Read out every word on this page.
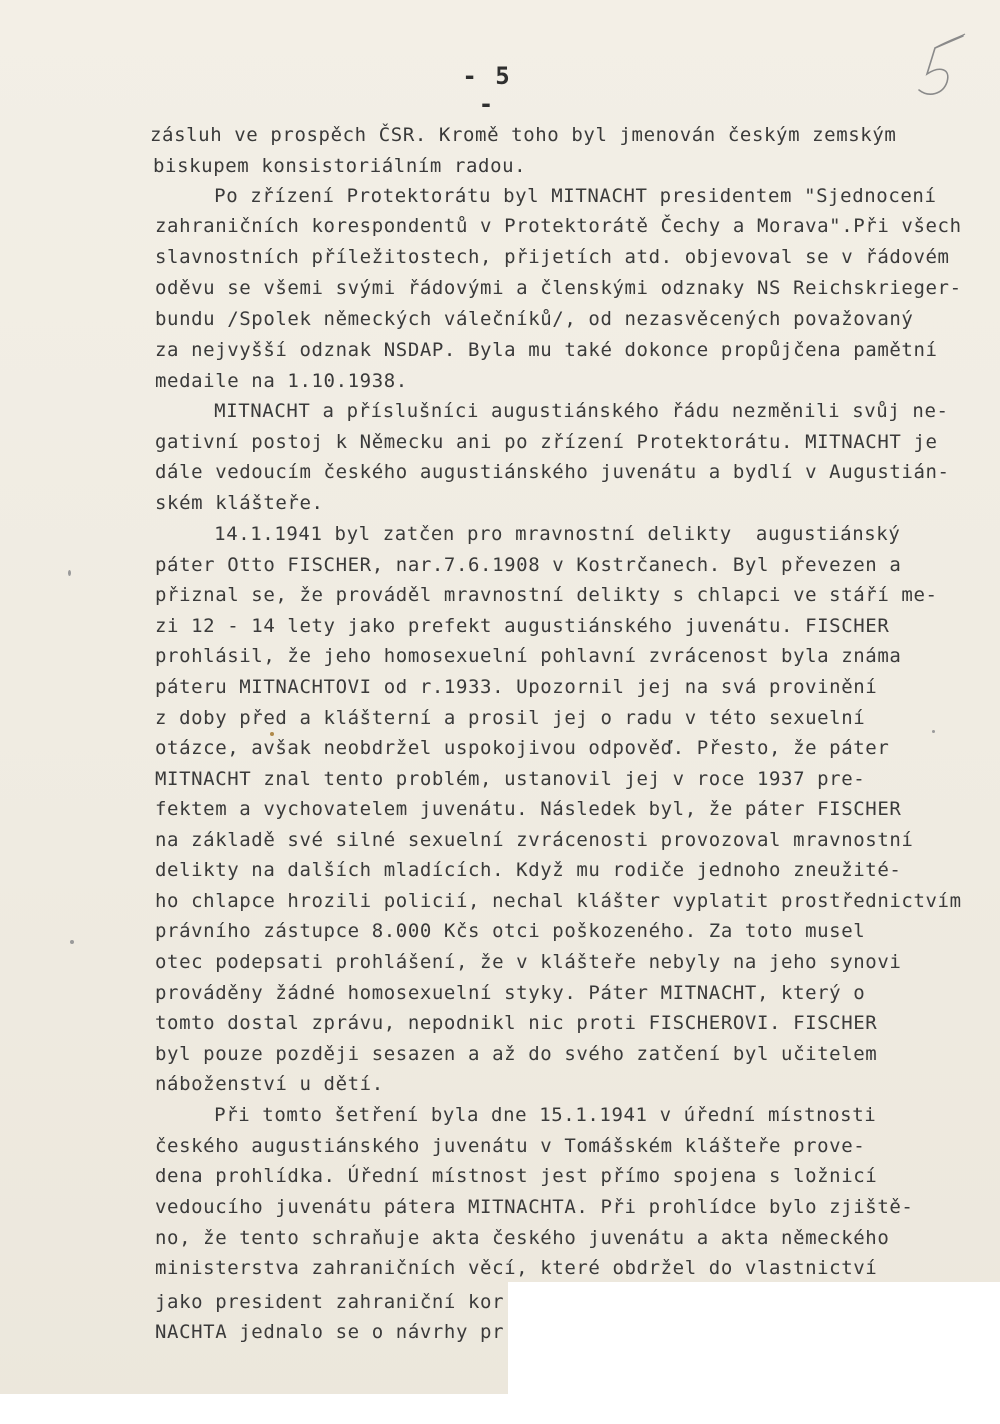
- 5 -
zásluh ve prospěch ČSR. Kromě toho byl jmenován českým zemským
biskupem konsistoriálním radou.
Po zřízení Protektorátu byl MITNACHT presidentem "Sjednocení
zahraničních korespondentů v Protektorátě Čechy a Morava".Při všech
slavnostních příležitostech, přijetích atd. objevoval se v řádovém
oděvu se všemi svými řádovými a členskými odznaky NS Reichskrieger-
bundu /Spolek německých válečníků/, od nezasvěcených považovaný
za nejvyšší odznak NSDAP. Byla mu také dokonce propůjčena pamětní
medaile na 1.10.1938.
MITNACHT a příslušníci augustiánského řádu nezměnili svůj ne-
gativní postoj k Německu ani po zřízení Protektorátu. MITNACHT je
dále vedoucím českého augustiánského juvenátu a bydlí v Augustián-
ském klášteře.
14.1.1941 byl zatčen pro mravnostní delikty  augustiánský
páter Otto FISCHER, nar.7.6.1908 v Kostrčanech. Byl převezen a
přiznal se, že prováděl mravnostní delikty s chlapci ve stáří me-
zi 12 - 14 lety jako prefekt augustiánského juvenátu. FISCHER
prohlásil, že jeho homosexuelní pohlavní zvrácenost byla známa
páteru MITNACHTOVI od r.1933. Upozornil jej na svá provinění
z doby před a klášterní a prosil jej o radu v této sexuelní
otázce, avšak neobdržel uspokojivou odpověď. Přesto, že páter
MITNACHT znal tento problém, ustanovil jej v roce 1937 pre-
fektem a vychovatelem juvenátu. Následek byl, že páter FISCHER
na základě své silné sexuelní zvrácenosti provozoval mravnostní
delikty na dalších mladících. Když mu rodiče jednoho zneužité-
ho chlapce hrozili policií, nechal klášter vyplatit prostřednictvím
právního zástupce 8.000 Kčs otci poškozeného. Za toto musel
otec podepsati prohlášení, že v klášteře nebyly na jeho synovi
prováděny žádné homosexuelní styky. Páter MITNACHT, který o
tomto dostal zprávu, nepodnikl nic proti FISCHEROVI. FISCHER
byl pouze později sesazen a až do svého zatčení byl učitelem
náboženství u dětí.
Při tomto šetření byla dne 15.1.1941 v úřední místnosti
českého augustiánského juvenátu v Tomášském klášteře prove-
dena prohlídka. Úřední místnost jest přímo spojena s ložnicí
vedoucího juvenátu pátera MITNACHTA. Při prohlídce bylo zjiště-
no, že tento schraňuje akta českého juvenátu a akta německého
ministerstva zahraničních věcí, které obdržel do vlastnictví
jako president zahraniční kor
NACHTA jednalo se o návrhy pr
